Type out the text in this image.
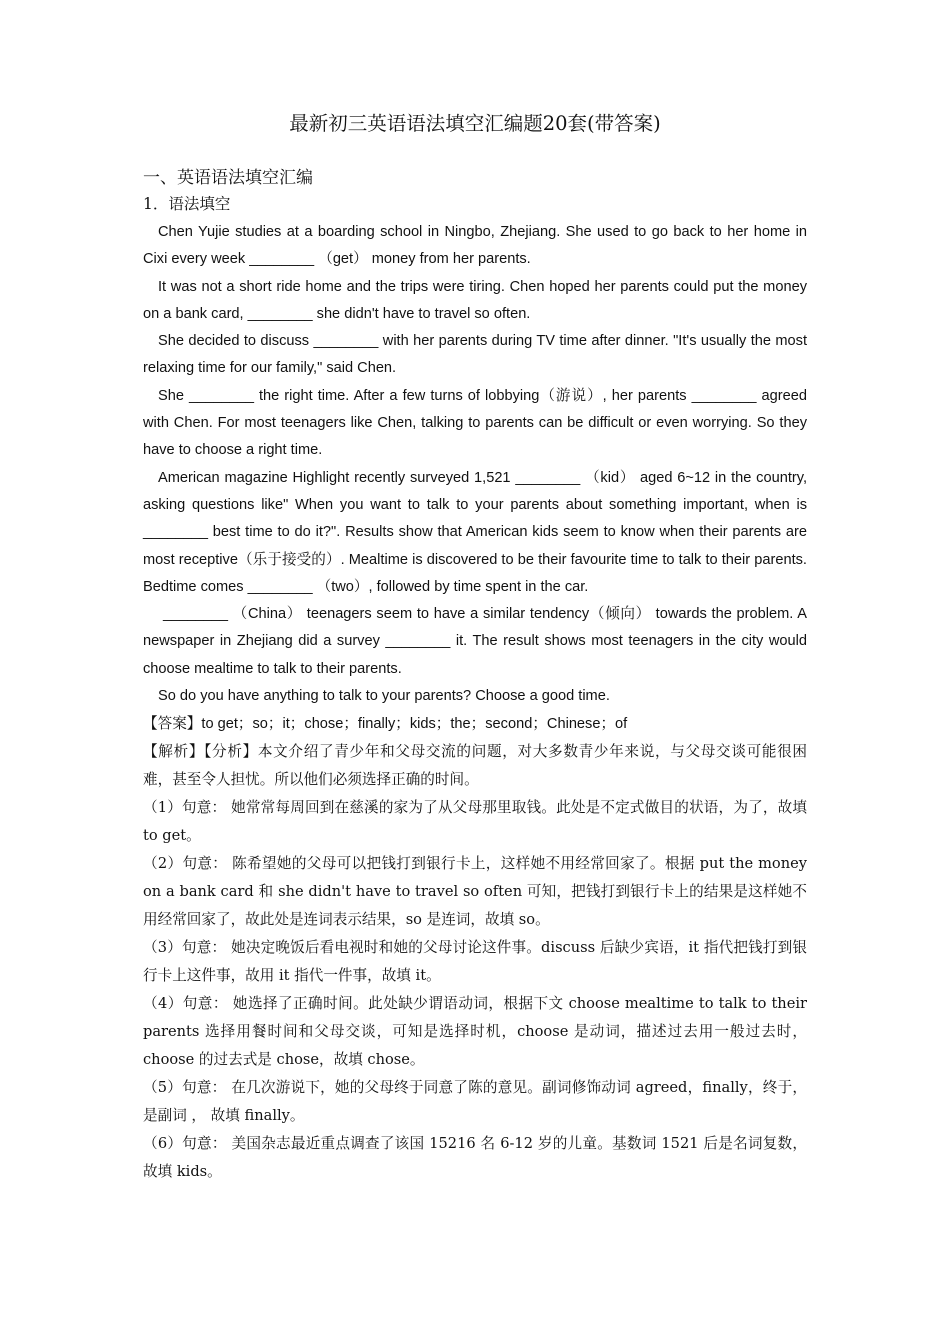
最新初三英语语法填空汇编题20套(带答案)
一、英语语法填空汇编
1．语法填空

Chen Yujie studies at a boarding school in Ningbo, Zhejiang. She used to go back to her home in Cixi every week ________ （get） money from her parents.

It was not a short ride home and the trips were tiring. Chen hoped her parents could put the money on a bank card, ________ she didn't have to travel so often.

She decided to discuss ________ with her parents during TV time after dinner. "It's usually the most relaxing time for our family," said Chen.

She ________ the right time. After a few turns of lobbying（游说）, her parents ________ agreed with Chen. For most teenagers like Chen, talking to parents can be difficult or even worrying. So they have to choose a right time.

American magazine Highlight recently surveyed 1,521 ________ （kid） aged 6~12 in the country, asking questions like" When you want to talk to your parents about something important, when is ________ best time to do it?". Results show that American kids seem to know when their parents are most receptive（乐于接受的）. Mealtime is discovered to be their favourite time to talk to their parents. Bedtime comes ________ （two）, followed by time spent in the car.

________ （China） teenagers seem to have a similar tendency（倾向） towards the problem. A newspaper in Zhejiang did a survey ________ it. The result shows most teenagers in the city would choose mealtime to talk to their parents.

So do you have anything to talk to your parents? Choose a good time.

【答案】to get；so；it；chose；finally；kids；the；second；Chinese；of

【解析】【分析】本文介绍了青少年和父母交流的问题，对大多数青少年来说，与父母交谈可能很困难，甚至令人担忧。所以他们必须选择正确的时间。

（1）句意： 她常常每周回到在慈溪的家为了从父母那里取钱。此处是不定式做目的状语，为了，故填 to get。

（2）句意： 陈希望她的父母可以把钱打到银行卡上，这样她不用经常回家了。根据 put the money on a bank card 和 she didn't have to travel so often 可知，把钱打到银行卡上的结果是这样她不用经常回家了，故此处是连词表示结果，so 是连词，故填 so。

（3）句意： 她决定晚饭后看电视时和她的父母讨论这件事。discuss 后缺少宾语，it 指代把钱打到银行卡上这件事，故用 it 指代一件事，故填 it。

（4）句意： 她选择了正确时间。此处缺少谓语动词，根据下文 choose mealtime to talk to their parents 选择用餐时间和父母交谈，可知是选择时机，choose 是动词，描述过去用一般过去时，choose 的过去式是 chose，故填 chose。

（5）句意： 在几次游说下，她的父母终于同意了陈的意见。副词修饰动词 agreed，finally，终于，是副词 ， 故填 finally。

（6）句意： 美国杂志最近重点调查了该国 15216 名 6-12 岁的儿童。基数词 1521 后是名词复数，故填 kids。
